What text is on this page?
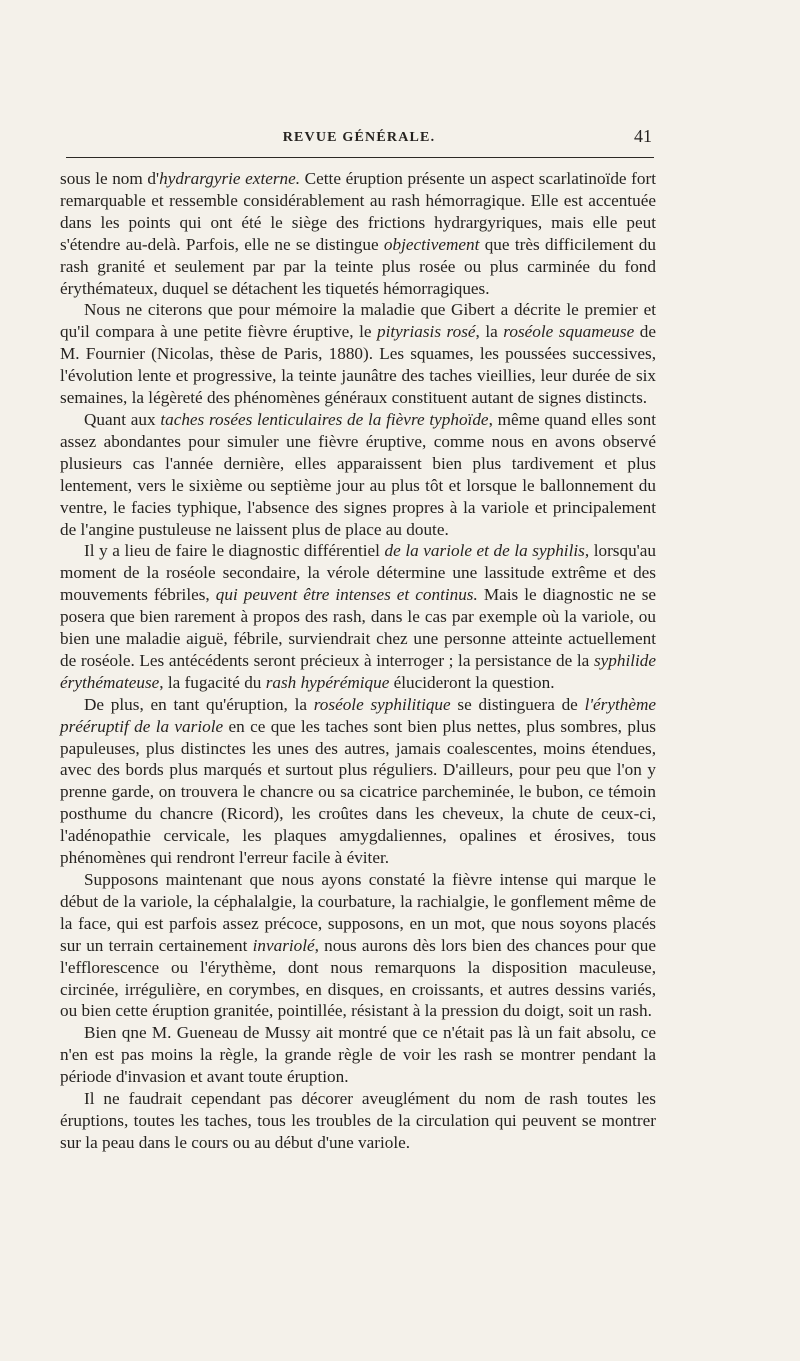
REVUE GÉNÉRALE.	41

sous le nom d'hydrargyrie externe. Cette éruption présente un aspect scarlatinoïde fort remarquable et ressemble considérablement au rash hémorragique. Elle est accentuée dans les points qui ont été le siège des frictions hydrargyriques, mais elle peut s'étendre au-delà. Parfois, elle ne se distingue objectivement que très difficilement du rash granité et seulement par par la teinte plus rosée ou plus carminée du fond érythémateux, duquel se détachent les tiquetés hémorragiques.

Nous ne citerons que pour mémoire la maladie que Gibert a décrite le premier et qu'il compara à une petite fièvre éruptive, le pityriasis rosé, la roséole squameuse de M. Fournier (Nicolas, thèse de Paris, 1880). Les squames, les poussées successives, l'évolution lente et progressive, la teinte jaunâtre des taches vieillies, leur durée de six semaines, la légèreté des phénomènes généraux constituent autant de signes distincts.

Quant aux taches rosées lenticulaires de la fièvre typhoïde, même quand elles sont assez abondantes pour simuler une fièvre éruptive, comme nous en avons observé plusieurs cas l'année dernière, elles apparaissent bien plus tardivement et plus lentement, vers le sixième ou septième jour au plus tôt et lorsque le ballonnement du ventre, le facies typhique, l'absence des signes propres à la variole et principalement de l'angine pustuleuse ne laissent plus de place au doute.

Il y a lieu de faire le diagnostic différentiel de la variole et de la syphilis, lorsqu'au moment de la roséole secondaire, la vérole détermine une lassitude extrême et des mouvements fébriles, qui peuvent être intenses et continus. Mais le diagnostic ne se posera que bien rarement à propos des rash, dans le cas par exemple où la variole, ou bien une maladie aiguë, fébrile, surviendrait chez une personne atteinte actuellement de roséole. Les antécédents seront précieux à interroger ; la persistance de la syphilide érythémateuse, la fugacité du rash hypérémique élucideront la question.

De plus, en tant qu'éruption, la roséole syphilitique se distinguera de l'érythème prééruptif de la variole en ce que les taches sont bien plus nettes, plus sombres, plus papuleuses, plus distinctes les unes des autres, jamais coalescentes, moins étendues, avec des bords plus marqués et surtout plus réguliers. D'ailleurs, pour peu que l'on y prenne garde, on trouvera le chancre ou sa cicatrice parcheminée, le bubon, ce témoin posthume du chancre (Ricord), les croûtes dans les cheveux, la chute de ceux-ci, l'adénopathie cervicale, les plaques amygdaliennes, opalines et érosives, tous phénomènes qui rendront l'erreur facile à éviter.

Supposons maintenant que nous ayons constaté la fièvre intense qui marque le début de la variole, la céphalalgie, la courbature, la rachialgie, le gonflement même de la face, qui est parfois assez précoce, supposons, en un mot, que nous soyons placés sur un terrain certainement invariolé, nous aurons dès lors bien des chances pour que l'efflorescence ou l'érythème, dont nous remarquons la disposition maculeuse, circinée, irrégulière, en corymbes, en disques, en croissants, et autres dessins variés, ou bien cette éruption granitée, pointillée, résistant à la pression du doigt, soit un rash.

Bien qne M. Gueneau de Mussy ait montré que ce n'était pas là un fait absolu, ce n'en est pas moins la règle, la grande règle de voir les rash se montrer pendant la période d'invasion et avant toute éruption.

Il ne faudrait cependant pas décorer aveuglément du nom de rash toutes les éruptions, toutes les taches, tous les troubles de la circulation qui peuvent se montrer sur la peau dans le cours ou au début d'une variole.
